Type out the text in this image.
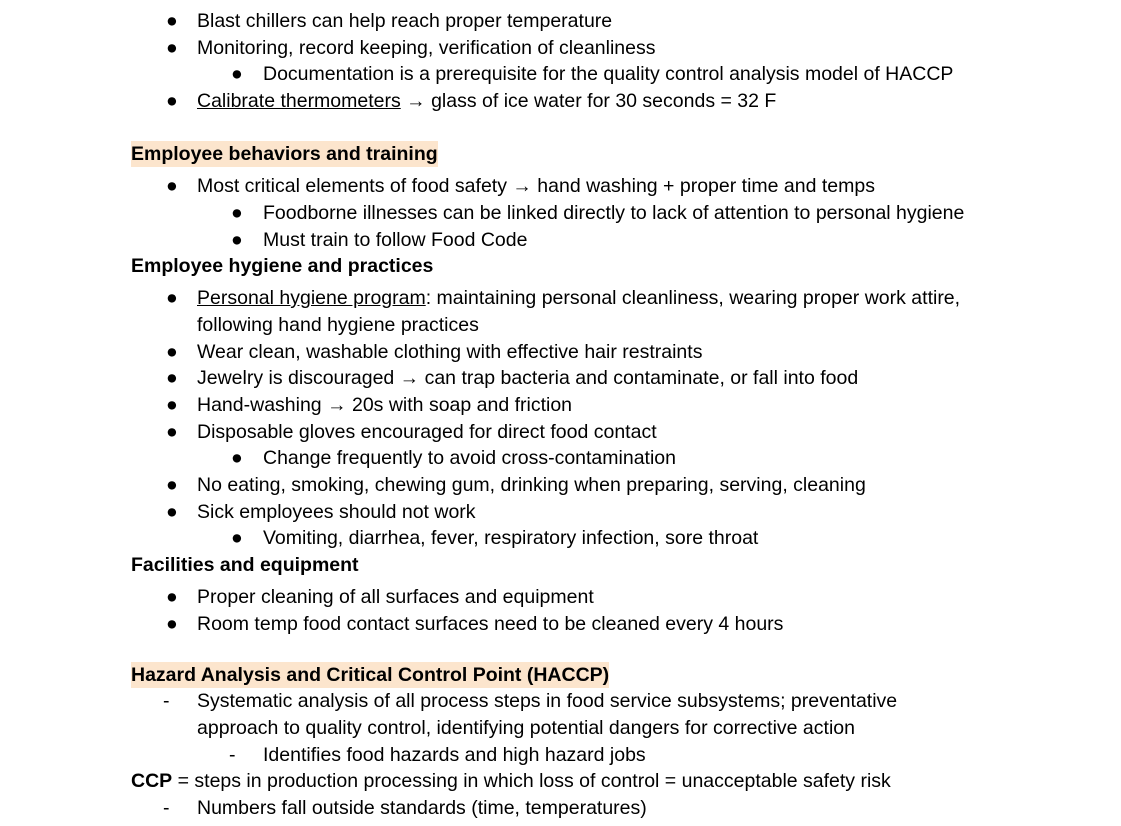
● Blast chillers can help reach proper temperature
● Monitoring, record keeping, verification of cleanliness
● Documentation is a prerequisite for the quality control analysis model of HACCP
● Calibrate thermometers → glass of ice water for 30 seconds = 32 F
Employee behaviors and training
● Most critical elements of food safety → hand washing + proper time and temps
● Foodborne illnesses can be linked directly to lack of attention to personal hygiene
● Must train to follow Food Code
Employee hygiene and practices
● Personal hygiene program: maintaining personal cleanliness, wearing proper work attire,
following hand hygiene practices
● Wear clean, washable clothing with effective hair restraints
● Jewelry is discouraged → can trap bacteria and contaminate, or fall into food
● Hand-washing → 20s with soap and friction
● Disposable gloves encouraged for direct food contact
● Change frequently to avoid cross-contamination
● No eating, smoking, chewing gum, drinking when preparing, serving, cleaning
● Sick employees should not work
● Vomiting, diarrhea, fever, respiratory infection, sore throat
Facilities and equipment
● Proper cleaning of all surfaces and equipment
● Room temp food contact surfaces need to be cleaned every 4 hours
Hazard Analysis and Critical Control Point (HACCP)
- Systematic analysis of all process steps in food service subsystems; preventative
approach to quality control, identifying potential dangers for corrective action
- Identifies food hazards and high hazard jobs
CCP = steps in production processing in which loss of control = unacceptable safety risk
- Numbers fall outside standards (time, temperatures)
